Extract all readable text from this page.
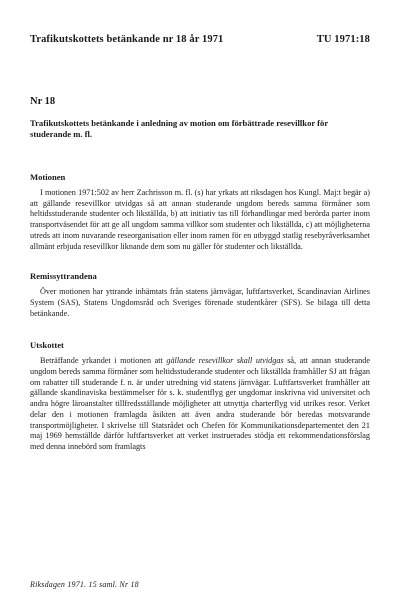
Trafikutskottets betänkande nr 18 år 1971	TU 1971:18

Nr 18

Trafikutskottets betänkande i anledning av motion om förbättrade resevillkor för studerande m. fl.

Motionen

I motionen 1971:502 av herr Zachrisson m. fl. (s) har yrkats att riksdagen hos Kungl. Maj:t begär a) att gällande resevillkor utvidgas så att annan studerande ungdom bereds samma förmåner som heltidsstuderande studenter och likställda, b) att initiativ tas till förhandlingar med berörda parter inom transportväsendet för att ge all ungdom samma villkor som studenter och likställda, c) att möjligheterna utreds att inom nuvarande reseorganisation eller inom ramen för en utbyggd statlig resebyråverksamhet allmänt erbjuda resevillkor liknande dem som nu gäller för studenter och likställda.

Remissyttrandena

Över motionen har yttrande inhämtats från statens järnvägar, luftfartsverket, Scandinavian Airlines System (SAS), Statens Ungdomsråd och Sveriges förenade studentkårer (SFS). Se bilaga till detta betänkande.

Utskottet

Beträffande yrkandet i motionen att gällande resevillkor skall utvidgas så, att annan studerande ungdom bereds samma förmåner som heltidsstuderande studenter och likställda framhåller SJ att frågan om rabatter till studerande f. n. är under utredning vid statens järnvägar. Luftfartsverket framhåller att gällande skandinaviska bestämmelser för s. k. studentflyg ger ungdomar inskrivna vid universitet och andra högre läroanstalter tillfredsställande möjligheter att utnyttja charterflyg vid utrikes resor. Verket delar den i motionen framlagda åsikten att även andra studerande bör beredas motsvarande transportmöjligheter. I skrivelse till Statsrådet och Chefen för Kommunikationsdepartementet den 21 maj 1969 hemställde därför luftfartsverket att verket instruerades stödja ett rekommendationsförslag med denna innebörd som framlagts

Riksdagen 1971. 15 saml. Nr 18
